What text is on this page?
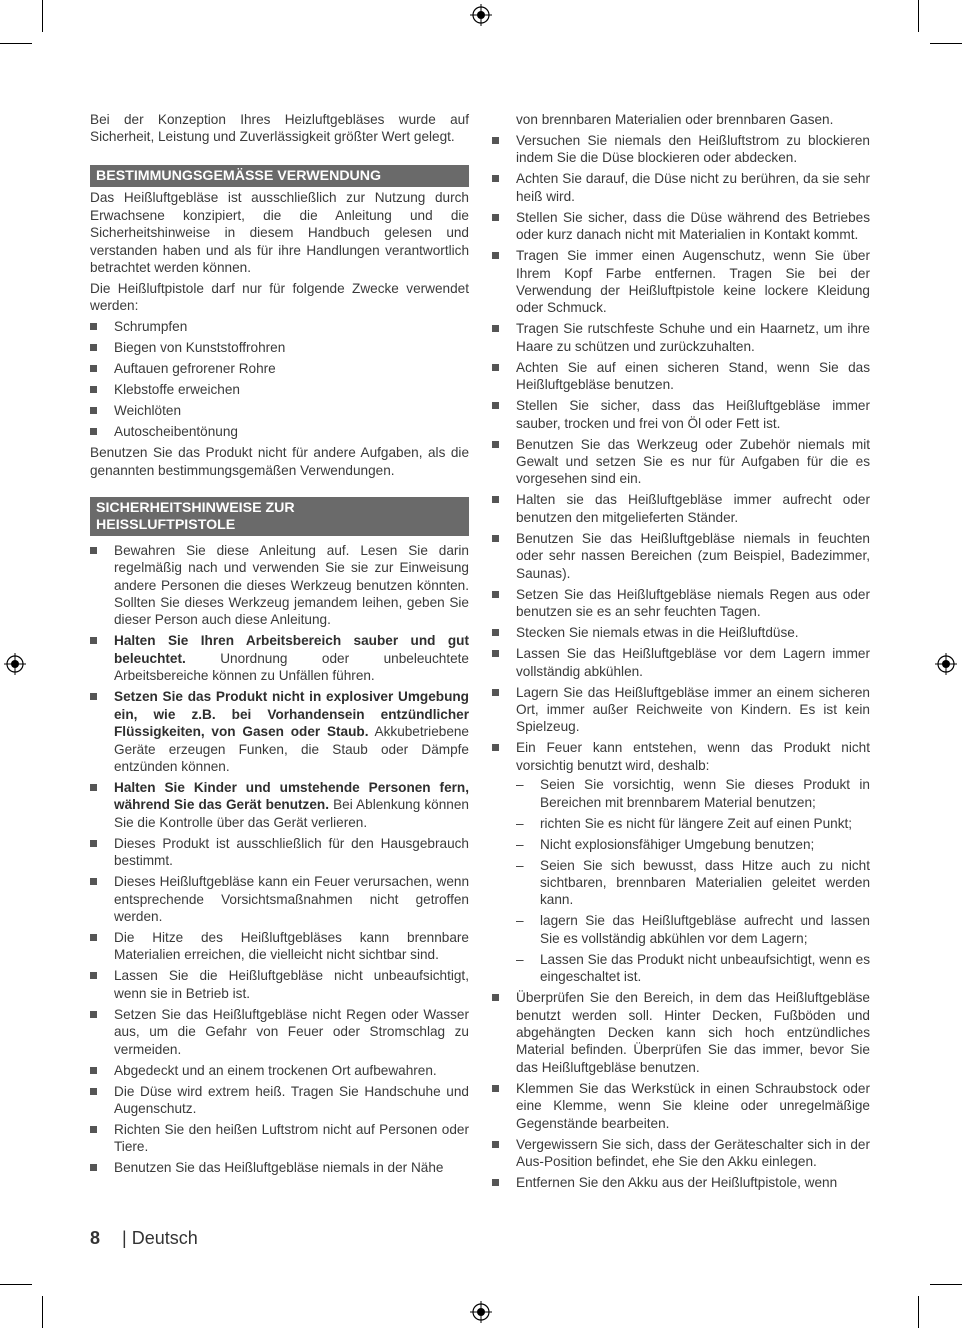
Bei der Konzeption Ihres Heizluftgebläses wurde auf Sicherheit, Leistung und Zuverlässigkeit größter Wert gelegt.

BESTIMMUNGSGEMÄSSE VERWENDUNG

Das Heißluftgebläse ist ausschließlich zur Nutzung durch Erwachsene konzipiert, die die Anleitung und die Sicherheitshinweise in diesem Handbuch gelesen und verstanden haben und als für ihre Handlungen verantwortlich betrachtet werden können.

Die Heißluftpistole darf nur für folgende Zwecke verwendet werden:

Schrumpfen
Biegen von Kunststoffrohren
Auftauen gefrorener Rohre
Klebstoffe erweichen
Weichlöten
Autoscheibentönung

Benutzen Sie das Produkt nicht für andere Aufgaben, als die genannten bestimmungsgemäßen Verwendungen.

SICHERHEITSHINWEISE ZUR
HEISSLUFTPISTOLE
Bewahren Sie diese Anleitung auf. Lesen Sie darin regelmäßig nach und verwenden Sie sie zur Einweisung andere Personen die dieses Werkzeug benutzen könnten. Sollten Sie dieses Werkzeug jemandem leihen, geben Sie dieser Person auch diese Anleitung.
Halten Sie Ihren Arbeitsbereich sauber und gut beleuchtet. Unordnung oder unbeleuchtete Arbeitsbereiche können zu Unfällen führen.
Setzen Sie das Produkt nicht in explosiver Umgebung ein, wie z.B. bei Vorhandensein entzündlicher Flüssigkeiten, von Gasen oder Staub. Akkubetriebene Geräte erzeugen Funken, die Staub oder Dämpfe entzünden können.
Halten Sie Kinder und umstehende Personen fern, während Sie das Gerät benutzen. Bei Ablenkung können Sie die Kontrolle über das Gerät verlieren.
Dieses Produkt ist ausschließlich für den Hausgebrauch bestimmt.
Dieses Heißluftgebläse kann ein Feuer verursachen, wenn entsprechende Vorsichtsmaßnahmen nicht getroffen werden.
Die Hitze des Heißluftgebläses kann brennbare Materialien erreichen, die vielleicht nicht sichtbar sind.
Lassen Sie die Heißluftgebläse nicht unbeaufsichtigt, wenn sie in Betrieb ist.
Setzen Sie das Heißluftgebläse nicht Regen oder Wasser aus, um die Gefahr von Feuer oder Stromschlag zu vermeiden.
Abgedeckt und an einem trockenen Ort aufbewahren.
Die Düse wird extrem heiß. Tragen Sie Handschuhe und Augenschutz.
Richten Sie den heißen Luftstrom nicht auf Personen oder Tiere.
Benutzen Sie das Heißluftgebläse niemals in der Nähe

von brennbaren Materialien oder brennbaren Gasen.

Versuchen Sie niemals den Heißluftstrom zu blockieren indem Sie die Düse blockieren oder abdecken.
Achten Sie darauf, die Düse nicht zu berühren, da sie sehr heiß wird.
Stellen Sie sicher, dass die Düse während des Betriebes oder kurz danach nicht mit Materialien in Kontakt kommt.
Tragen Sie immer einen Augenschutz, wenn Sie über Ihrem Kopf Farbe entfernen. Tragen Sie bei der Verwendung der Heißluftpistole keine lockere Kleidung oder Schmuck.
Tragen Sie rutschfeste Schuhe und ein Haarnetz, um ihre Haare zu schützen und zurückzuhalten.
Achten Sie auf einen sicheren Stand, wenn Sie das Heißluftgebläse benutzen.
Stellen Sie sicher, dass das Heißluftgebläse immer sauber, trocken und frei von Öl oder Fett ist.
Benutzen Sie das Werkzeug oder Zubehör niemals mit Gewalt und setzen Sie es nur für Aufgaben für die es vorgesehen sind ein.
Halten sie das Heißluftgebläse immer aufrecht oder benutzen den mitgelieferten Ständer.
Benutzen Sie das Heißluftgebläse niemals in feuchten oder sehr nassen Bereichen (zum Beispiel, Badezimmer, Saunas).
Setzen Sie das Heißluftgebläse niemals Regen aus oder benutzen sie es an sehr feuchten Tagen.
Stecken Sie niemals etwas in die Heißluftdüse.
Lassen Sie das Heißluftgebläse vor dem Lagern immer vollständig abkühlen.
Lagern Sie das Heißluftgebläse immer an einem sicheren Ort, immer außer Reichweite von Kindern. Es ist kein Spielzeug.
Ein Feuer kann entstehen, wenn das Produkt nicht vorsichtig benutzt wird, deshalb:
– Seien Sie vorsichtig, wenn Sie dieses Produkt in Bereichen mit brennbarem Material benutzen;
– richten Sie es nicht für längere Zeit auf einen Punkt;
– Nicht explosionsfähiger Umgebung benutzen;
– Seien Sie sich bewusst, dass Hitze auch zu nicht sichtbaren, brennbaren Materialien geleitet werden kann.
– lagern Sie das Heißluftgebläse aufrecht und lassen Sie es vollständig abkühlen vor dem Lagern;
– Lassen Sie das Produkt nicht unbeaufsichtigt, wenn es eingeschaltet ist.
Überprüfen Sie den Bereich, in dem das Heißluftgebläse benutzt werden soll. Hinter Decken, Fußböden und abgehängten Decken kann sich hoch entzündliches Material befinden. Überprüfen Sie das immer, bevor Sie das Heißluftgebläse benutzen.
Klemmen Sie das Werkstück in einen Schraubstock oder eine Klemme, wenn Sie kleine oder unregelmäßige Gegenstände bearbeiten.
Vergewissern Sie sich, dass der Geräteschalter sich in der Aus-Position befindet, ehe Sie den Akku einlegen.
Entfernen Sie den Akku aus der Heißluftpistole, wenn
8 | Deutsch
